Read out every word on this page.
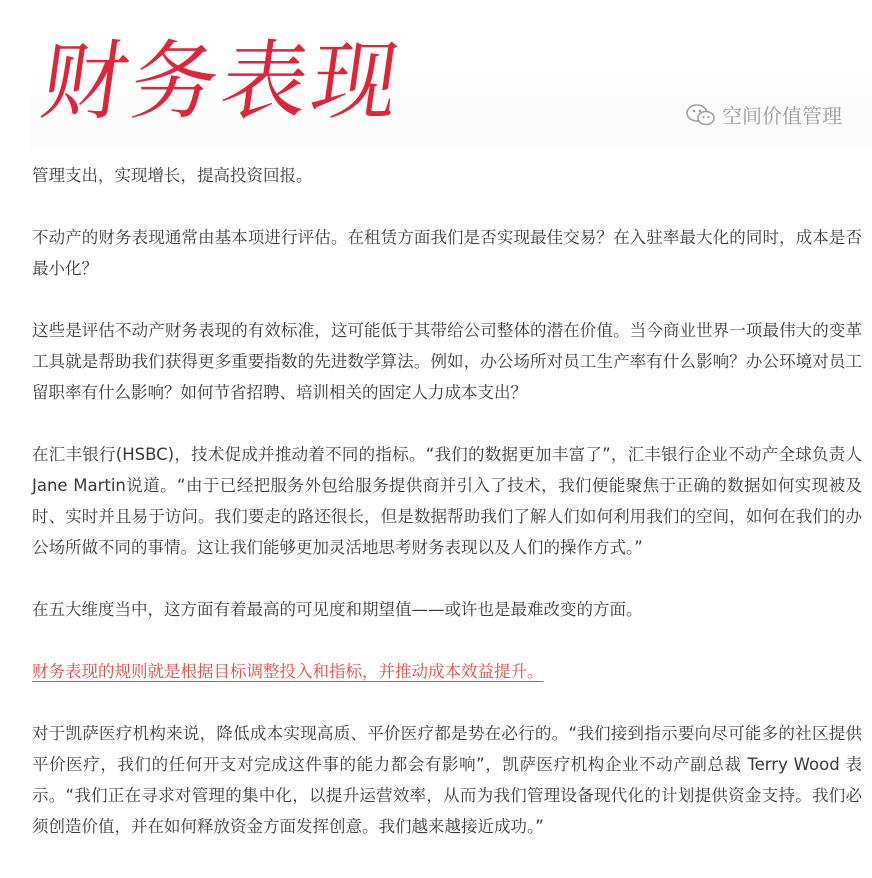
财务表现	空间价值管理

管理支出，实现增长，提高投资回报。

不动产的财务表现通常由基本项进行评估。在租赁方面我们是否实现最佳交易？在入驻率最大化的同时，成本是否最小化？

这些是评估不动产财务表现的有效标准，这可能低于其带给公司整体的潜在价值。当今商业世界一项最伟大的变革工具就是帮助我们获得更多重要指数的先进数学算法。例如，办公场所对员工生产率有什么影响？办公环境对员工留职率有什么影响？如何节省招聘、培训相关的固定人力成本支出？

在汇丰银行(HSBC)，技术促成并推动着不同的指标。“我们的数据更加丰富了”，汇丰银行企业不动产全球负责人Jane Martin说道。“由于已经把服务外包给服务提供商并引入了技术，我们便能聚焦于正确的数据如何实现被及时、实时并且易于访问。我们要走的路还很长，但是数据帮助我们了解人们如何利用我们的空间，如何在我们的办公场所做不同的事情。这让我们能够更加灵活地思考财务表现以及人们的操作方式。”

在五大维度当中，这方面有着最高的可见度和期望值——或许也是最难改变的方面。

财务表现的规则就是根据目标调整投入和指标，并推动成本效益提升。

对于凯萨医疗机构来说，降低成本实现高质、平价医疗都是势在必行的。“我们接到指示要向尽可能多的社区提供平价医疗，我们的任何开支对完成这件事的能力都会有影响”，凯萨医疗机构企业不动产副总裁 Terry Wood 表示。“我们正在寻求对管理的集中化，以提升运营效率，从而为我们管理设备现代化的计划提供资金支持。我们必须创造价值，并在如何释放资金方面发挥创意。我们越来越接近成功。”
